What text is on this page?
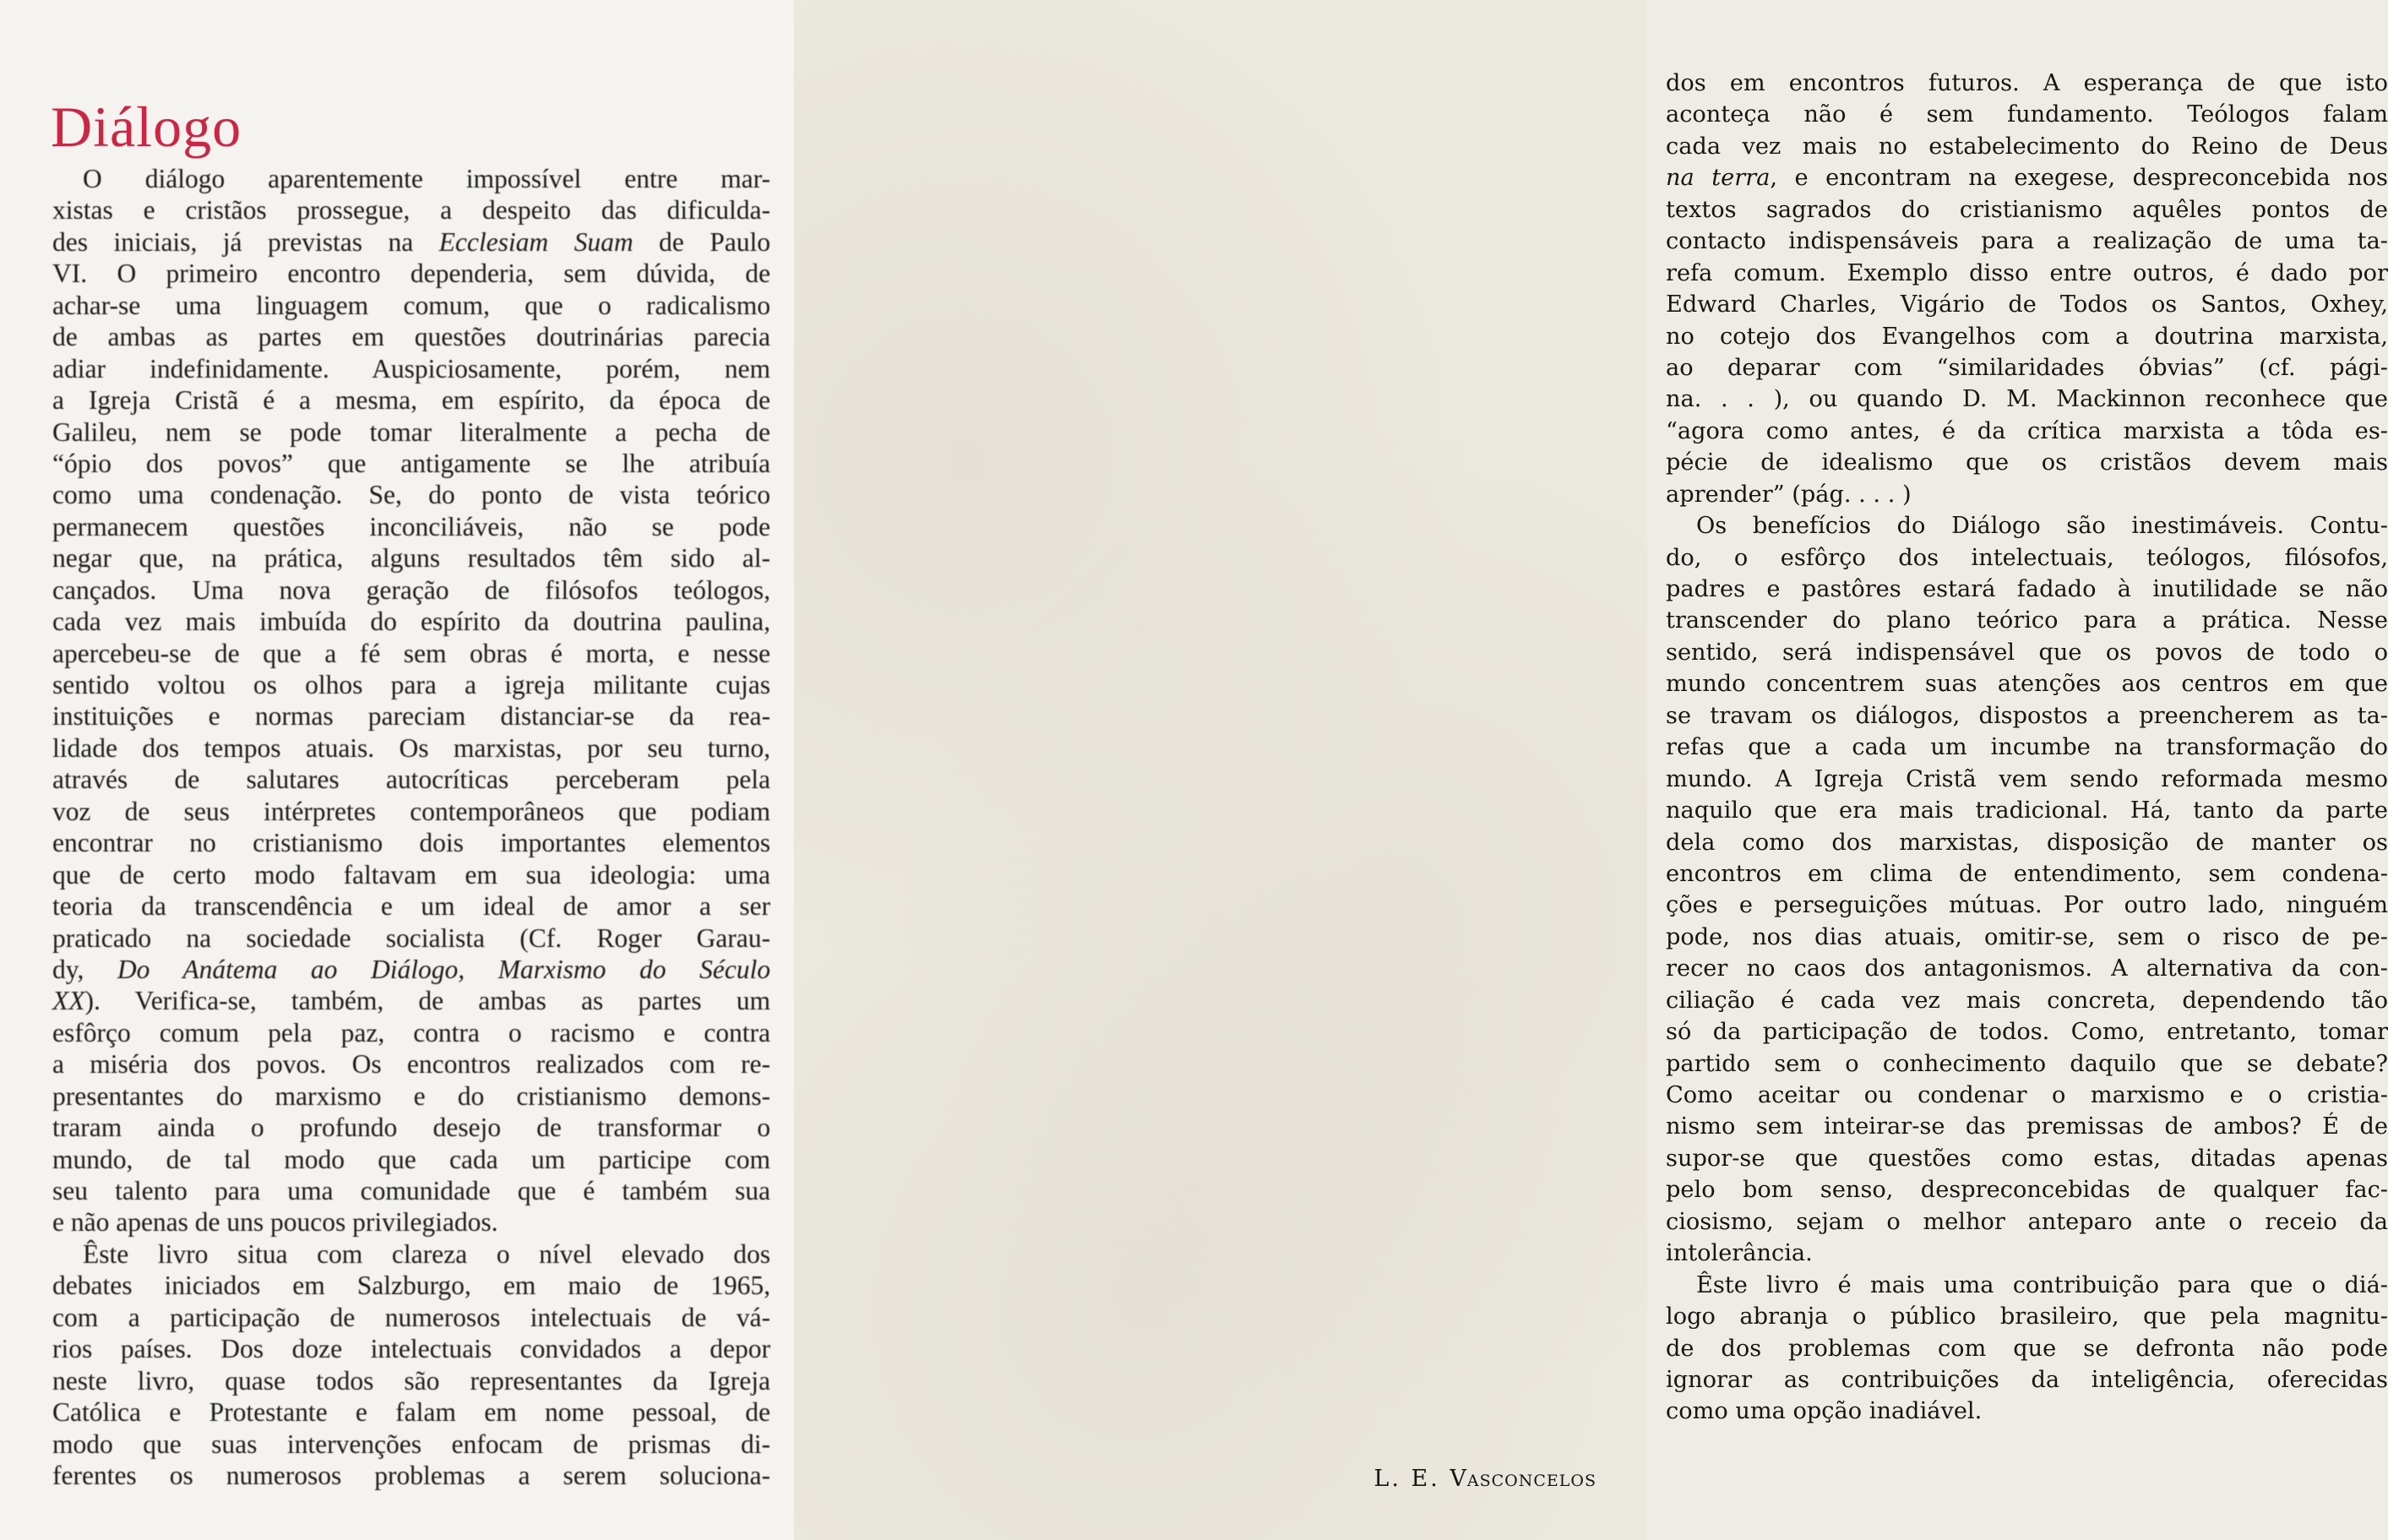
Diálogo
O diálogo aparentemente impossível entre mar-
xistas e cristãos prossegue, a despeito das dificulda-
des iniciais, já previstas na Ecclesiam Suam de Paulo
VI. O primeiro encontro dependeria, sem dúvida, de
achar-se uma linguagem comum, que o radicalismo
de ambas as partes em questões doutrinárias parecia
adiar indefinidamente. Auspiciosamente, porém, nem
a Igreja Cristã é a mesma, em espírito, da época de
Galileu, nem se pode tomar literalmente a pecha de
“ópio dos povos” que antigamente se lhe atribuía
como uma condenação. Se, do ponto de vista teórico
permanecem questões inconciliáveis, não se pode
negar que, na prática, alguns resultados têm sido al-
cançados. Uma nova geração de filósofos teólogos,
cada vez mais imbuída do espírito da doutrina paulina,
apercebeu-se de que a fé sem obras é morta, e nesse
sentido voltou os olhos para a igreja militante cujas
instituições e normas pareciam distanciar-se da rea-
lidade dos tempos atuais. Os marxistas, por seu turno,
através de salutares autocríticas perceberam pela
voz de seus intérpretes contemporâneos que podiam
encontrar no cristianismo dois importantes elementos
que de certo modo faltavam em sua ideologia: uma
teoria da transcendência e um ideal de amor a ser
praticado na sociedade socialista (Cf. Roger Garau-
dy, Do Anátema ao Diálogo, Marxismo do Século
XX). Verifica-se, também, de ambas as partes um
esfôrço comum pela paz, contra o racismo e contra
a miséria dos povos. Os encontros realizados com re-
presentantes do marxismo e do cristianismo demons-
traram ainda o profundo desejo de transformar o
mundo, de tal modo que cada um participe com
seu talento para uma comunidade que é também sua
e não apenas de uns poucos privilegiados.
Êste livro situa com clareza o nível elevado dos
debates iniciados em Salzburgo, em maio de 1965,
com a participação de numerosos intelectuais de vá-
rios países. Dos doze intelectuais convidados a depor
neste livro, quase todos são representantes da Igreja
Católica e Protestante e falam em nome pessoal, de
modo que suas intervenções enfocam de prismas di-
ferentes os numerosos problemas a serem soluciona-
dos em encontros futuros. A esperança de que isto
aconteça não é sem fundamento. Teólogos falam
cada vez mais no estabelecimento do Reino de Deus
na terra, e encontram na exegese, despreconcebida nos
textos sagrados do cristianismo aquêles pontos de
contacto indispensáveis para a realização de uma ta-
refa comum. Exemplo disso entre outros, é dado por
Edward Charles, Vigário de Todos os Santos, Oxhey,
no cotejo dos Evangelhos com a doutrina marxista,
ao deparar com “similaridades óbvias” (cf. pági-
na. . . ), ou quando D. M. Mackinnon reconhece que
“agora como antes, é da crítica marxista a tôda es-
pécie de idealismo que os cristãos devem mais
aprender” (pág. . . . )
Os benefícios do Diálogo são inestimáveis. Contu-
do, o esfôrço dos intelectuais, teólogos, filósofos,
padres e pastôres estará fadado à inutilidade se não
transcender do plano teórico para a prática. Nesse
sentido, será indispensável que os povos de todo o
mundo concentrem suas atenções aos centros em que
se travam os diálogos, dispostos a preencherem as ta-
refas que a cada um incumbe na transformação do
mundo. A Igreja Cristã vem sendo reformada mesmo
naquilo que era mais tradicional. Há, tanto da parte
dela como dos marxistas, disposição de manter os
encontros em clima de entendimento, sem condena-
ções e perseguições mútuas. Por outro lado, ninguém
pode, nos dias atuais, omitir-se, sem o risco de pe-
recer no caos dos antagonismos. A alternativa da con-
ciliação é cada vez mais concreta, dependendo tão
só da participação de todos. Como, entretanto, tomar
partido sem o conhecimento daquilo que se debate?
Como aceitar ou condenar o marxismo e o cristia-
nismo sem inteirar-se das premissas de ambos? É de
supor-se que questões como estas, ditadas apenas
pelo bom senso, despreconcebidas de qualquer fac-
ciosismo, sejam o melhor anteparo ante o receio da
intolerância.
Êste livro é mais uma contribuição para que o diá-
logo abranja o público brasileiro, que pela magnitu-
de dos problemas com que se defronta não pode
ignorar as contribuições da inteligência, oferecidas
como uma opção inadiável.
L. E. Vasconcelos
